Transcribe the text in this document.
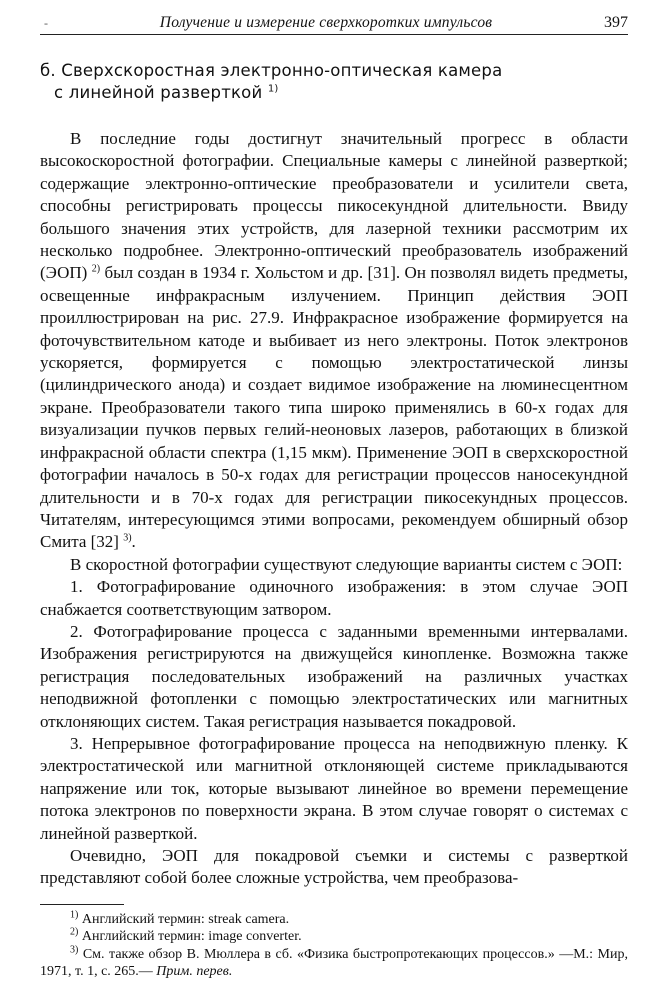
-	Получение и измерение сверхкоротких импульсов	397
б. Сверхскоростная электронно-оптическая камера
с линейной разверткой $^{1)}$

В последние годы достигнут значительный прогресс в области высокоскоростной фотографии. Специальные камеры с линейной разверткой; содержащие электронно-оптические преобразователи и усилители света, способны регистрировать процессы пикосекундной длительности. Ввиду большого значения этих устройств, для лазерной техники рассмотрим их несколько подробнее. Электронно-оптический преобразователь изображений (ЭОП) $^{2)}$ был создан в 1934 г. Хольстом и др. [31]. Он позволял видеть предметы, освещенные инфракрасным излучением. Принцип действия ЭОП проиллюстрирован на рис. 27.9. Инфракрасное изображение формируется на фоточувствительном катоде и выбивает из него электроны. Поток электронов ускоряется, формируется с помощью электростатической линзы (цилиндрического анода) и создает видимое изображение на люминесцентном экране. Преобразователи такого типа широко применялись в 60-х годах для визуализации пучков первых гелий-неоновых лазеров, работающих в близкой инфракрасной области спектра (1,15 мкм). Применение ЭОП в сверхскоростной фотографии началось в 50-х годах для регистрации процессов наносекундной длительности и в 70-х годах для регистрации пикосекундных процессов. Читателям, интересующимся этими вопросами, рекомендуем обширный обзор Смита [32] $^{3)}$.

В скоростной фотографии существуют следующие варианты систем с ЭОП:

1. Фотографирование одиночного изображения: в этом случае ЭОП снабжается соответствующим затвором.

2. Фотографирование процесса с заданными временными интервалами. Изображения регистрируются на движущейся кинопленке. Возможна также регистрация последовательных изображений на различных участках неподвижной фотопленки с помощью электростатических или магнитных отклоняющих систем. Такая регистрация называется покадровой.

3. Непрерывное фотографирование процесса на неподвижную пленку. К электростатической или магнитной отклоняющей системе прикладываются напряжение или ток, которые вызывают линейное во времени перемещение потока электронов по поверхности экрана. В этом случае говорят о системах с линейной разверткой.

Очевидно, ЭОП для покадровой съемки и системы с разверткой представляют собой более сложные устройства, чем преобразова-

$^{1)}$ Английский термин: streak camera.

$^{2)}$ Английский термин: image converter.

$^{3)}$ См. также обзор В. Мюллера в сб. «Физика быстропротекающих процессов.» —М.: Мир, 1971, т. 1, с. 265.— Прим. перев.
